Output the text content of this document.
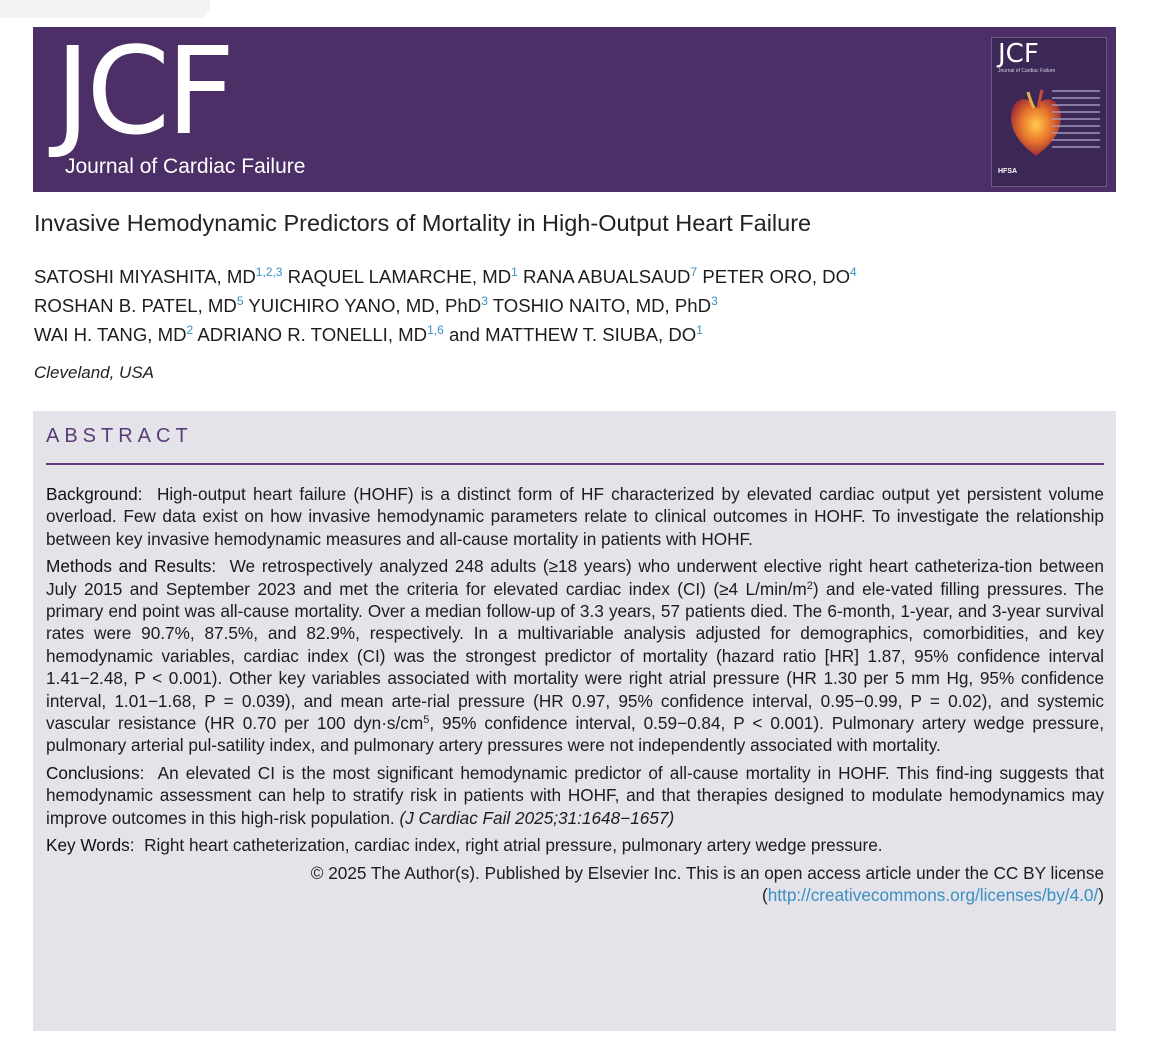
JCF
Journal of Cardiac Failure
JCF
Journal of Cardiac Failure
HFSA
Invasive Hemodynamic Predictors of Mortality in High-Output Heart Failure
SATOSHI MIYASHITA, MD$^{1,2,3}$ RAQUEL LAMARCHE, $MD^1$ RANA ABUALSAUD$^7$ PETER ORO, $DO^4$
ROSHAN B. PATEL, $MD^5$ YUICHIRO YANO, MD, PhD$^3$ TOSHIO NAITO, MD, PhD$^3$
WAI H. TANG, $MD^2$ ADRIANO R. TONELLI, MD$^{1,6}$ and MATTHEW T. SIUBA, $DO^1$
Cleveland, USA
ABSTRACT

Background: High-output heart failure (HOHF) is a distinct form of HF characterized by elevated cardiac output yet persistent volume overload. Few data exist on how invasive hemodynamic parameters relate to clinical outcomes in HOHF. To investigate the relationship between key invasive hemodynamic measures and all-cause mortality in patients with HOHF.

Methods and Results: We retrospectively analyzed 248 adults (≥18 years) who underwent elective right heart catheteriza-tion between July 2015 and September 2023 and met the criteria for elevated cardiac index (CI) (≥4 $L/\min/m^2$) and ele-vated filling pressures. The primary end point was all-cause mortality. Over a median follow-up of 3.3 years, 57 patients died. The 6-month, 1-year, and 3-year survival rates were 90.7%, 87.5%, and 82.9%, respectively. In a multivariable analysis adjusted for demographics, comorbidities, and key hemodynamic variables, cardiac index (CI) was the strongest predictor of mortality (hazard ratio [HR] 1.87, 95% confidence interval 1.41−2.48, P < 0.001). Other key variables associated with mortality were right atrial pressure (HR 1.30 per 5 mm Hg, 95% confidence interval, 1.01−1.68, P = 0.039), and mean arte-rial pressure (HR 0.97, 95% confidence interval, 0.95−0.99, P = 0.02), and systemic vascular resistance (HR 0.70 per 100 $dyn\cdot s/cm^5$, 95% confidence interval, 0.59−0.84, P < 0.001). Pulmonary artery wedge pressure, pulmonary arterial pul-satility index, and pulmonary artery pressures were not independently associated with mortality.

Conclusions: An elevated CI is the most significant hemodynamic predictor of all-cause mortality in HOHF. This find-ing suggests that hemodynamic assessment can help to stratify risk in patients with HOHF, and that therapies designed to modulate hemodynamics may improve outcomes in this high-risk population. (J Cardiac Fail 2025;31:1648−1657)

Key Words: Right heart catheterization, cardiac index, right atrial pressure, pulmonary artery wedge pressure.

© 2025 The Author(s). Published by Elsevier Inc. This is an open access article under the CC BY license (http://creativecommons.org/licenses/by/4.0/)
